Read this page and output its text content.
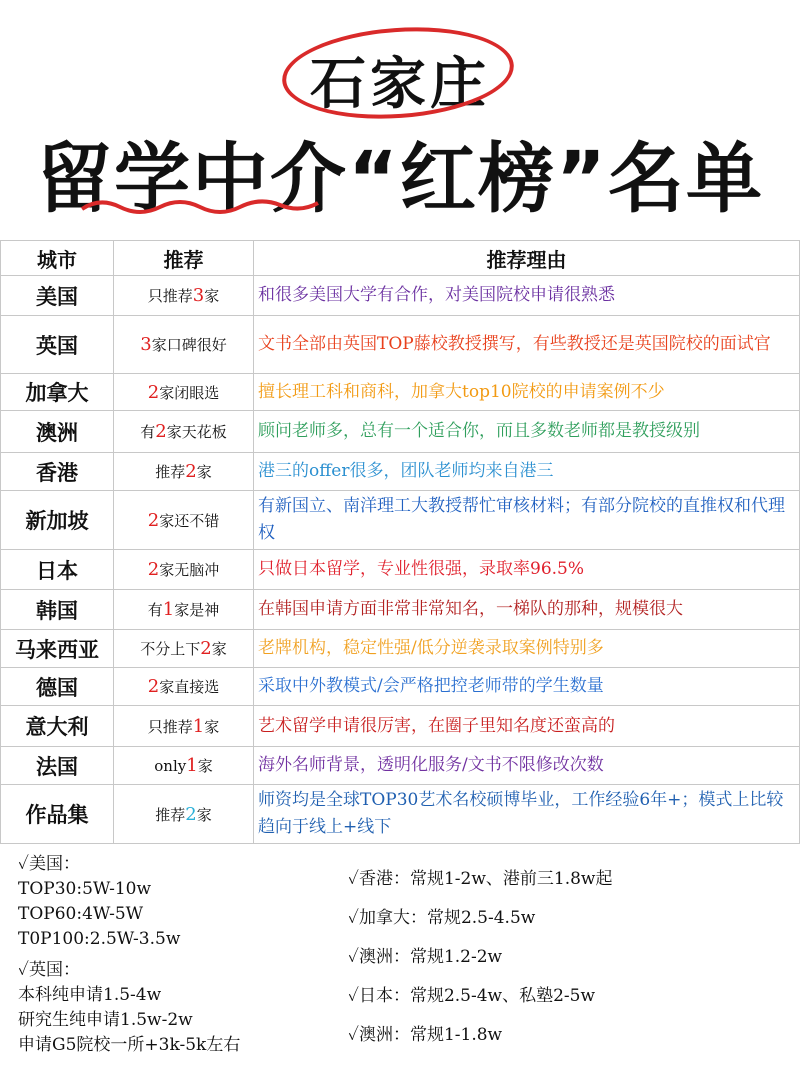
石家庄
留学中介“红榜”名单
城市	推荐	推荐理由
美国	只推荐3家	和很多美国大学有合作，对美国院校申请很熟悉
英国	3家口碑很好	文书全部由英国TOP藤校教授撰写，有些教授还是英国院校的面试官
加拿大	2家闭眼选	擅长理工科和商科，加拿大top10院校的申请案例不少
澳洲	有2家天花板	顾问老师多，总有一个适合你，而且多数老师都是教授级别
香港	推荐2家	港三的offer很多，团队老师均来自港三
新加坡	2家还不错	有新国立、南洋理工大教授帮忙审核材料；有部分院校的直推权和代理权
日本	2家无脑冲	只做日本留学，专业性很强，录取率96.5%
韩国	有1家是神	在韩国申请方面非常非常知名，一梯队的那种，规模很大
马来西亚	不分上下2家	老牌机构，稳定性强/低分逆袭录取案例特别多
德国	2家直接选	采取中外教模式/会严格把控老师带的学生数量
意大利	只推荐1家	艺术留学申请很厉害，在圈子里知名度还蛮高的
法国	only1家	海外名师背景，透明化服务/文书不限修改次数
作品集	推荐2家	师资均是全球TOP30艺术名校硕博毕业，工作经验6年+；模式上比较趋向于线上+线下
✓美国：
TOP30:5W-10w
TOP60:4W-5W
T0P100:2.5W-3.5w
✓英国：
本科纯申请1.5-4w
研究生纯申请1.5w-2w
申请G5院校一所+3k-5k左右
✓香港：常规1-2w、港前三1.8w起
✓加拿大：常规2.5-4.5w
✓澳洲：常规1.2-2w
✓日本：常规2.5-4w、私塾2-5w
✓澳洲：常规1-1.8w
